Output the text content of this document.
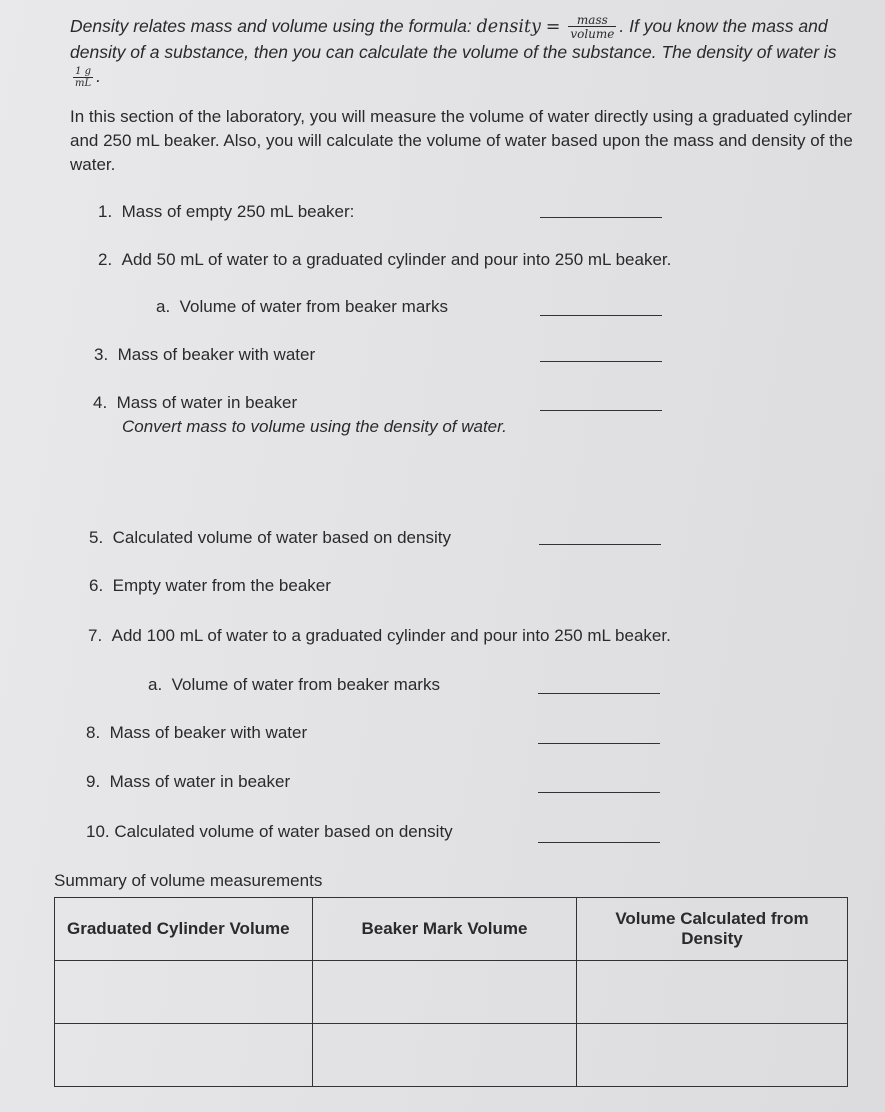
Density relates mass and volume using the formula: density = $\frac{\text{mass}}{\text{volume}}$ . If you know the mass and density of a substance, then you can calculate the volume of the substance. The density of water is
$\frac{1 g}{mL}$ .
In this section of the laboratory, you will measure the volume of water directly using a graduated cylinder and 250 mL beaker. Also, you will calculate the volume of water based upon the mass and density of the water.
1. Mass of empty 250 mL beaker:
2. Add 50 mL of water to a graduated cylinder and pour into 250 mL beaker.
a. Volume of water from beaker marks
3. Mass of beaker with water
4. Mass of water in beaker
Convert mass to volume using the density of water.
5. Calculated volume of water based on density
6. Empty water from the beaker
7. Add 100 mL of water to a graduated cylinder and pour into 250 mL beaker.
a. Volume of water from beaker marks
8. Mass of beaker with water
9. Mass of water in beaker
10. Calculated volume of water based on density
Summary of volume measurements
Graduated Cylinder Volume	Beaker Mark Volume	Volume Calculated from Density
